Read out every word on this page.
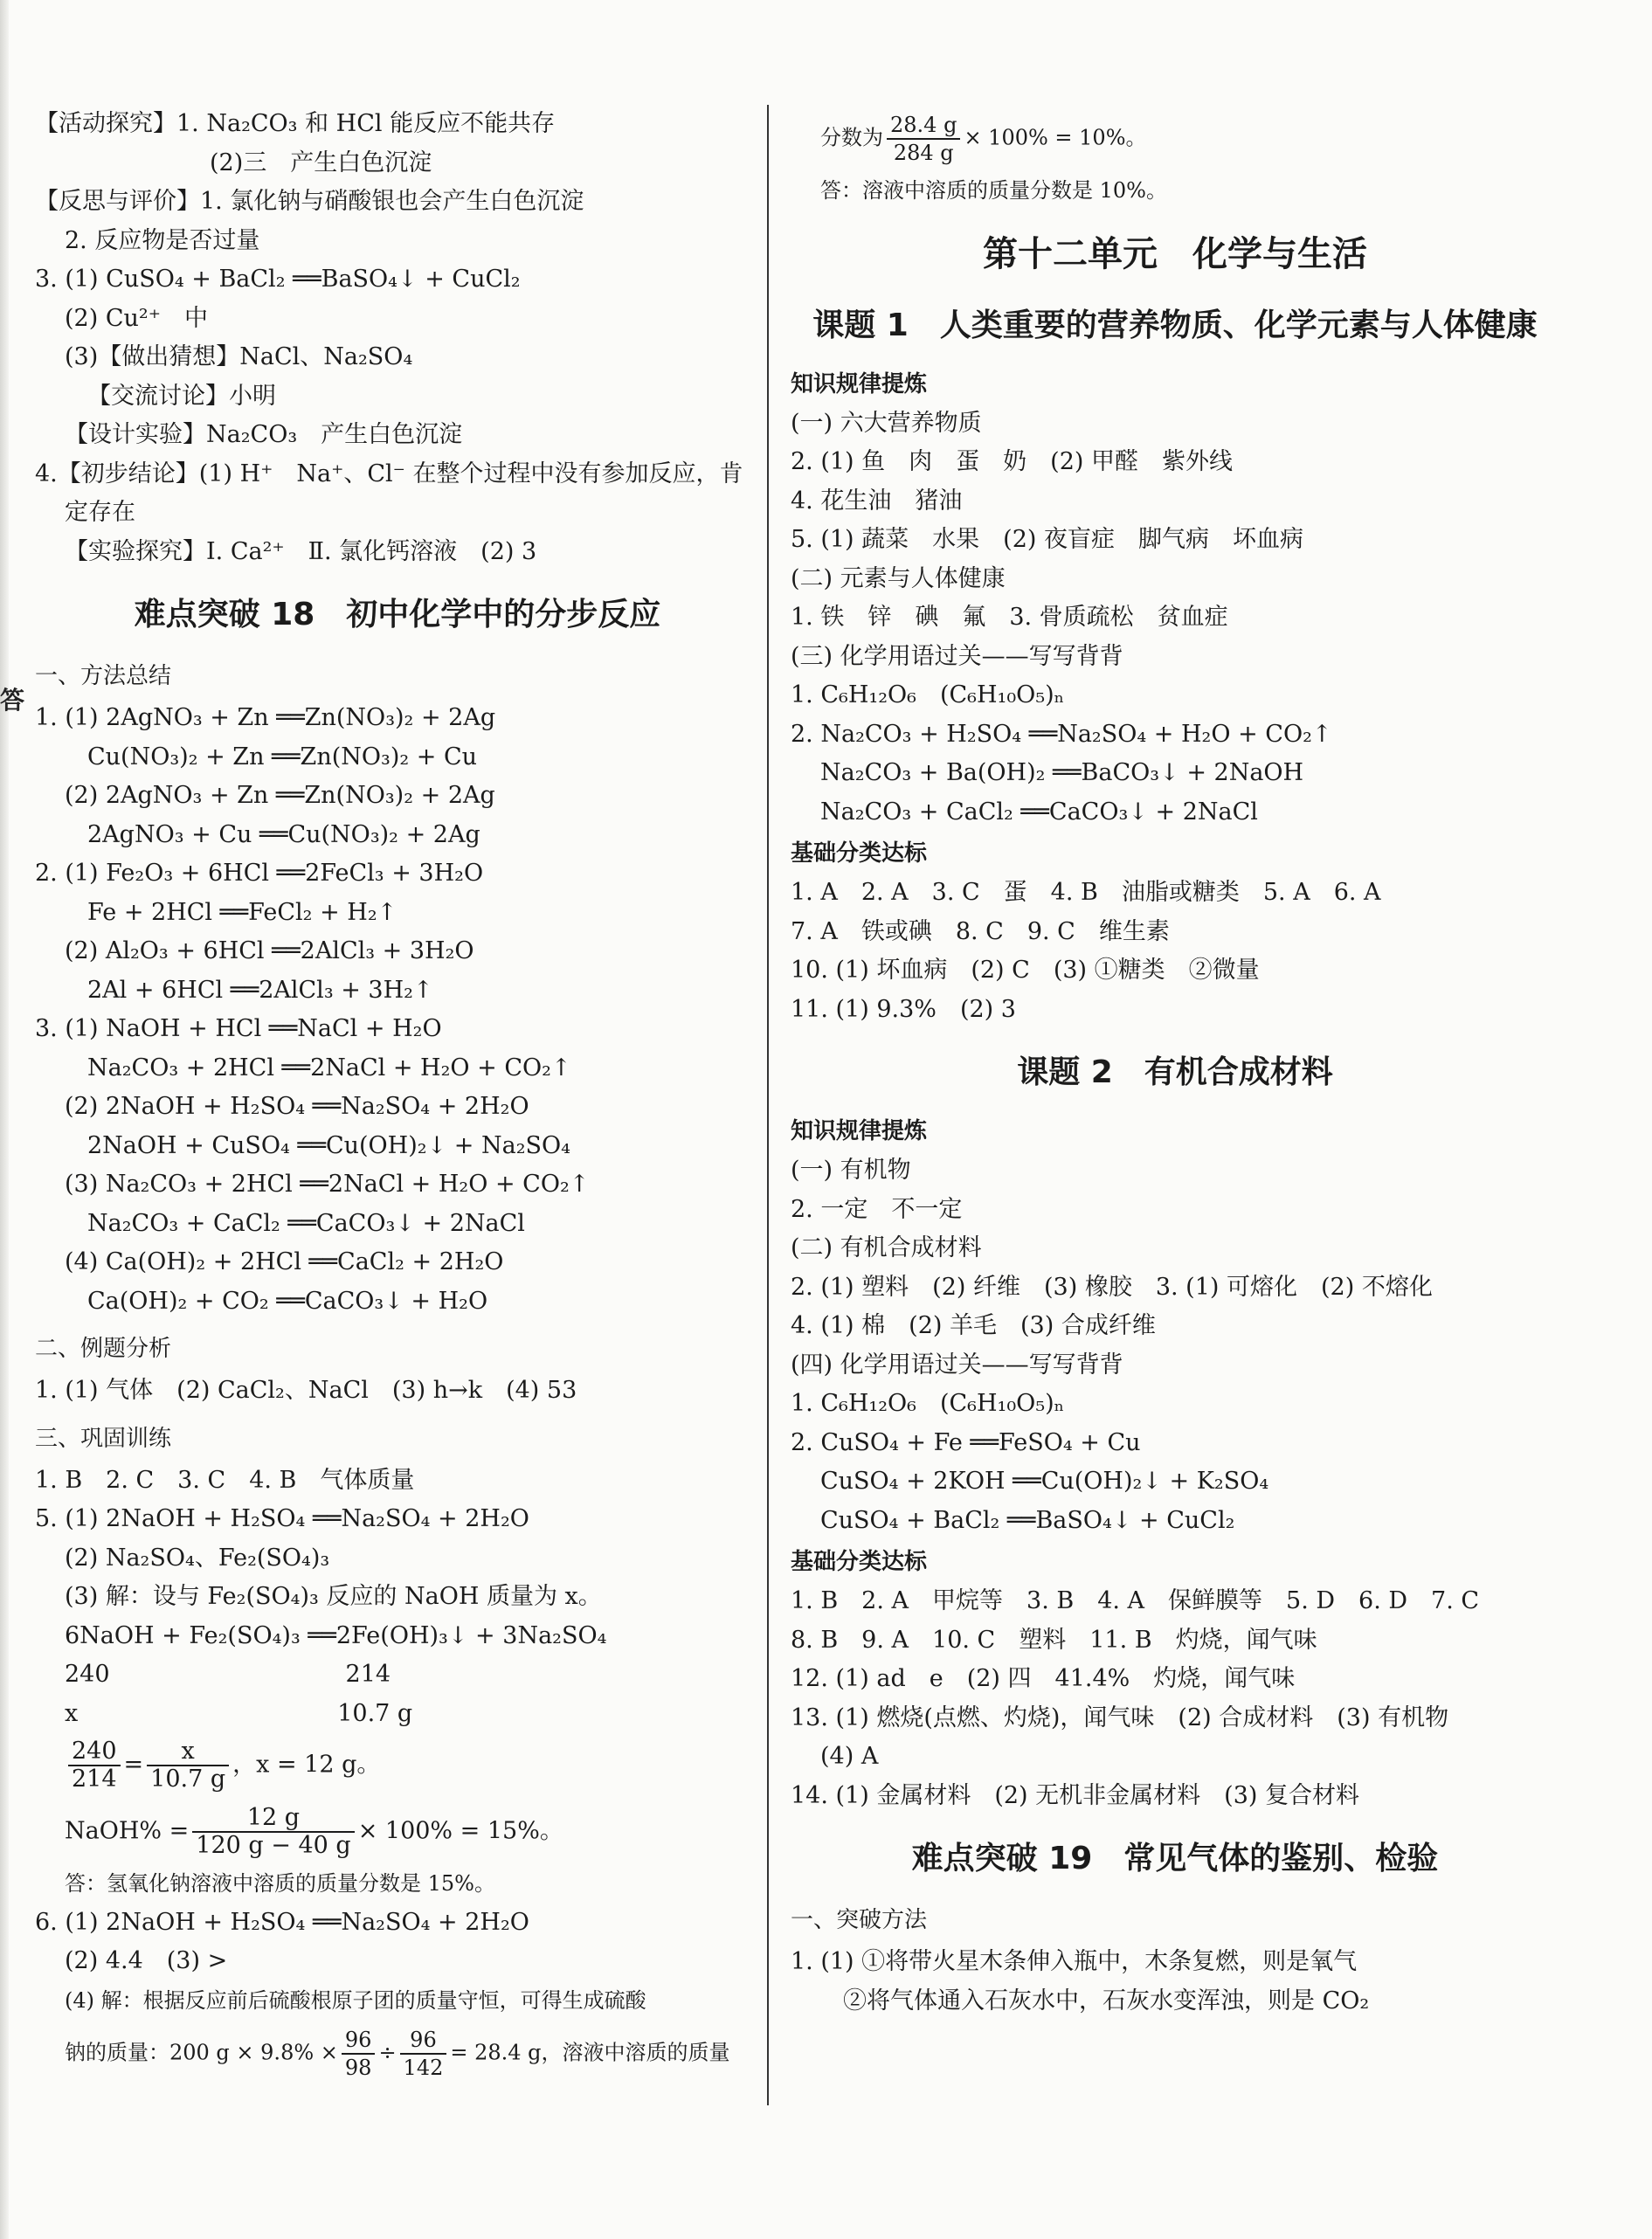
答
【活动探究】1. Na₂CO₃ 和 HCl 能反应不能共存
(2)三　产生白色沉淀
【反思与评价】1. 氯化钠与硝酸银也会产生白色沉淀
2. 反应物是否过量
3. (1) CuSO₄ + BaCl₂ ══BaSO₄↓ + CuCl₂
(2) Cu²⁺　中
(3)【做出猜想】NaCl、Na₂SO₄
【交流讨论】小明
【设计实验】Na₂CO₃　产生白色沉淀
4.【初步结论】(1) H⁺　Na⁺、Cl⁻ 在整个过程中没有参加反应，肯
定存在
【实验探究】Ⅰ. Ca²⁺　Ⅱ. 氯化钙溶液　(2) 3
难点突破 18　初中化学中的分步反应
一、方法总结
1. (1) 2AgNO₃ + Zn ══Zn(NO₃)₂ + 2Ag
Cu(NO₃)₂ + Zn ══Zn(NO₃)₂ + Cu
(2) 2AgNO₃ + Zn ══Zn(NO₃)₂ + 2Ag
2AgNO₃ + Cu ══Cu(NO₃)₂ + 2Ag
2. (1) Fe₂O₃ + 6HCl ══2FeCl₃ + 3H₂O
Fe + 2HCl ══FeCl₂ + H₂↑
(2) Al₂O₃ + 6HCl ══2AlCl₃ + 3H₂O
2Al + 6HCl ══2AlCl₃ + 3H₂↑
3. (1) NaOH + HCl ══NaCl + H₂O
Na₂CO₃ + 2HCl ══2NaCl + H₂O + CO₂↑
(2) 2NaOH + H₂SO₄ ══Na₂SO₄ + 2H₂O
2NaOH + CuSO₄ ══Cu(OH)₂↓ + Na₂SO₄
(3) Na₂CO₃ + 2HCl ══2NaCl + H₂O + CO₂↑
Na₂CO₃ + CaCl₂ ══CaCO₃↓ + 2NaCl
(4) Ca(OH)₂ + 2HCl ══CaCl₂ + 2H₂O
Ca(OH)₂ + CO₂ ══CaCO₃↓ + H₂O
二、例题分析
1. (1) 气体　(2) CaCl₂、NaCl　(3) h→k　(4) 53
三、巩固训练
1. B　2. C　3. C　4. B　气体质量
5. (1) 2NaOH + H₂SO₄ ══Na₂SO₄ + 2H₂O
(2) Na₂SO₄、Fe₂(SO₄)₃
(3) 解：设与 Fe₂(SO₄)₃ 反应的 NaOH 质量为 x。
6NaOH + Fe₂(SO₄)₃ ══2Fe(OH)₃↓ + 3Na₂SO₄
240　　　　　　　　　　214
x　　　　　　　　　　　10.7 g
$\frac{240}{214} = \frac{x}{10.7 g}$ ，x = 12 g。
NaOH% = $\frac{12 g}{120 g - 40 g} \times 100\% = 15\%$。
答：氢氧化钠溶液中溶质的质量分数是 15%。
6. (1) 2NaOH + H₂SO₄ ══Na₂SO₄ + 2H₂O
(2) 4.4　(3) >
(4) 解：根据反应前后硫酸根原子团的质量守恒，可得生成硫酸
钠的质量：200 $g \times 9.8\% \times \frac{96}{98} \div \frac{96}{142} = 28.4$ g，溶液中溶质的质量
分数为 $\frac{28.4 g}{284 g} \times 100\% = 10\%$。
答：溶液中溶质的质量分数是 10%。
第十二单元　化学与生活
课题 1　人类重要的营养物质、化学元素与人体健康
知识规律提炼
(一) 六大营养物质
2. (1) 鱼　肉　蛋　奶　(2) 甲醛　紫外线
4. 花生油　猪油
5. (1) 蔬菜　水果　(2) 夜盲症　脚气病　坏血病
(二) 元素与人体健康
1. 铁　锌　碘　氟　3. 骨质疏松　贫血症
(三) 化学用语过关——写写背背
1. C₆H₁₂O₆　(C₆H₁₀O₅)ₙ
2. Na₂CO₃ + H₂SO₄ ══Na₂SO₄ + H₂O + CO₂↑
Na₂CO₃ + Ba(OH)₂ ══BaCO₃↓ + 2NaOH
Na₂CO₃ + CaCl₂ ══CaCO₃↓ + 2NaCl
基础分类达标
1. A　2. A　3. C　蛋　4. B　油脂或糖类　5. A　6. A
7. A　铁或碘　8. C　9. C　维生素
10. (1) 坏血病　(2) C　(3) ①糖类　②微量
11. (1) 9.3%　(2) 3
课题 2　有机合成材料
知识规律提炼
(一) 有机物
2. 一定　不一定
(二) 有机合成材料
2. (1) 塑料　(2) 纤维　(3) 橡胶　3. (1) 可熔化　(2) 不熔化
4. (1) 棉　(2) 羊毛　(3) 合成纤维
(四) 化学用语过关——写写背背
1. C₆H₁₂O₆　(C₆H₁₀O₅)ₙ
2. CuSO₄ + Fe ══FeSO₄ + Cu
CuSO₄ + 2KOH ══Cu(OH)₂↓ + K₂SO₄
CuSO₄ + BaCl₂ ══BaSO₄↓ + CuCl₂
基础分类达标
1. B　2. A　甲烷等　3. B　4. A　保鲜膜等　5. D　6. D　7. C
8. B　9. A　10. C　塑料　11. B　灼烧，闻气味
12. (1) ad　e　(2) 四　41.4%　灼烧，闻气味
13. (1) 燃烧(点燃、灼烧)，闻气味　(2) 合成材料　(3) 有机物
(4) A
14. (1) 金属材料　(2) 无机非金属材料　(3) 复合材料
难点突破 19　常见气体的鉴别、检验
一、突破方法
1. (1) ①将带火星木条伸入瓶中，木条复燃，则是氧气
②将气体通入石灰水中，石灰水变浑浊，则是 CO₂
